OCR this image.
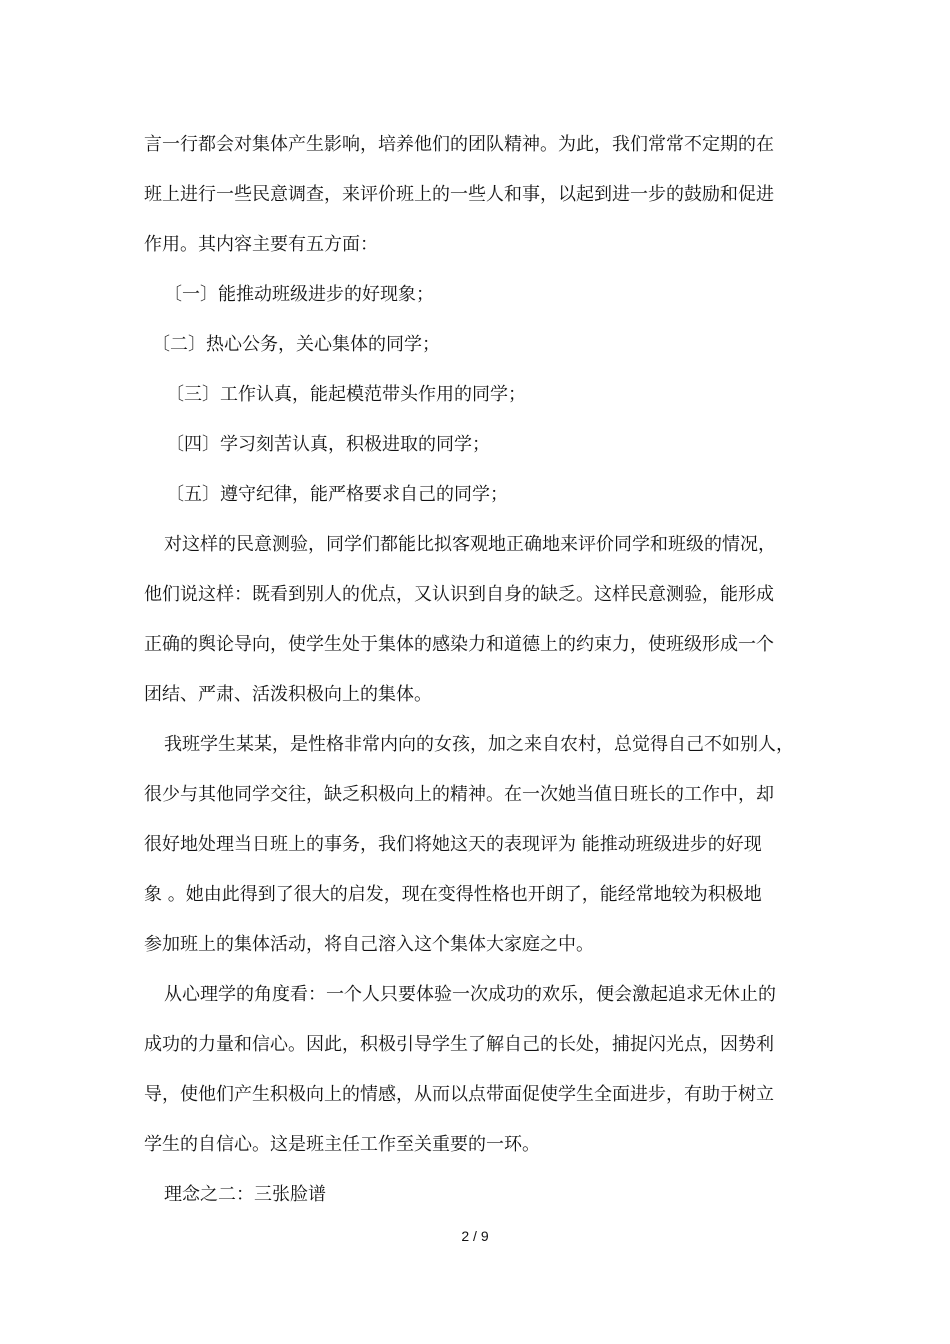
言一行都会对集体产生影响，培养他们的团队精神。为此，我们常常不定期的在
班上进行一些民意调查，来评价班上的一些人和事，以起到进一步的鼓励和促进
作用。其内容主要有五方面：
〔一〕能推动班级进步的好现象；
〔二〕热心公务，关心集体的同学；
〔三〕工作认真，能起模范带头作用的同学；
〔四〕学习刻苦认真，积极进取的同学；
〔五〕遵守纪律，能严格要求自己的同学；
对这样的民意测验，同学们都能比拟客观地正确地来评价同学和班级的情况，
他们说这样：既看到别人的优点，又认识到自身的缺乏。这样民意测验，能形成
正确的舆论导向，使学生处于集体的感染力和道德上的约束力，使班级形成一个
团结、严肃、活泼积极向上的集体。
我班学生某某，是性格非常内向的女孩，加之来自农村，总觉得自己不如别人，
很少与其他同学交往，缺乏积极向上的精神。在一次她当值日班长的工作中，却
很好地处理当日班上的事务，我们将她这天的表现评为 能推动班级进步的好现
象 。她由此得到了很大的启发，现在变得性格也开朗了，能经常地较为积极地
参加班上的集体活动，将自己溶入这个集体大家庭之中。
从心理学的角度看：一个人只要体验一次成功的欢乐，便会激起追求无休止的
成功的力量和信心。因此，积极引导学生了解自己的长处，捕捉闪光点，因势利
导，使他们产生积极向上的情感，从而以点带面促使学生全面进步，有助于树立
学生的自信心。这是班主任工作至关重要的一环。
理念之二：三张脸谱
2 / 9
